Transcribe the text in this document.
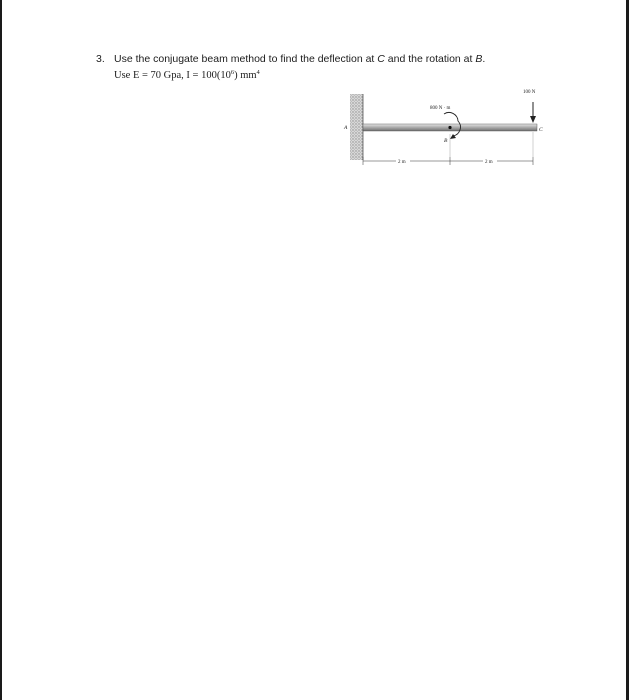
3. Use the conjugate beam method to find the deflection at C and the rotation at B.
Use E = 70 Gpa, $I = 100(10^6)$ $mm^4$
A
B
800 N · m
100 N
C
2 m	2 m
